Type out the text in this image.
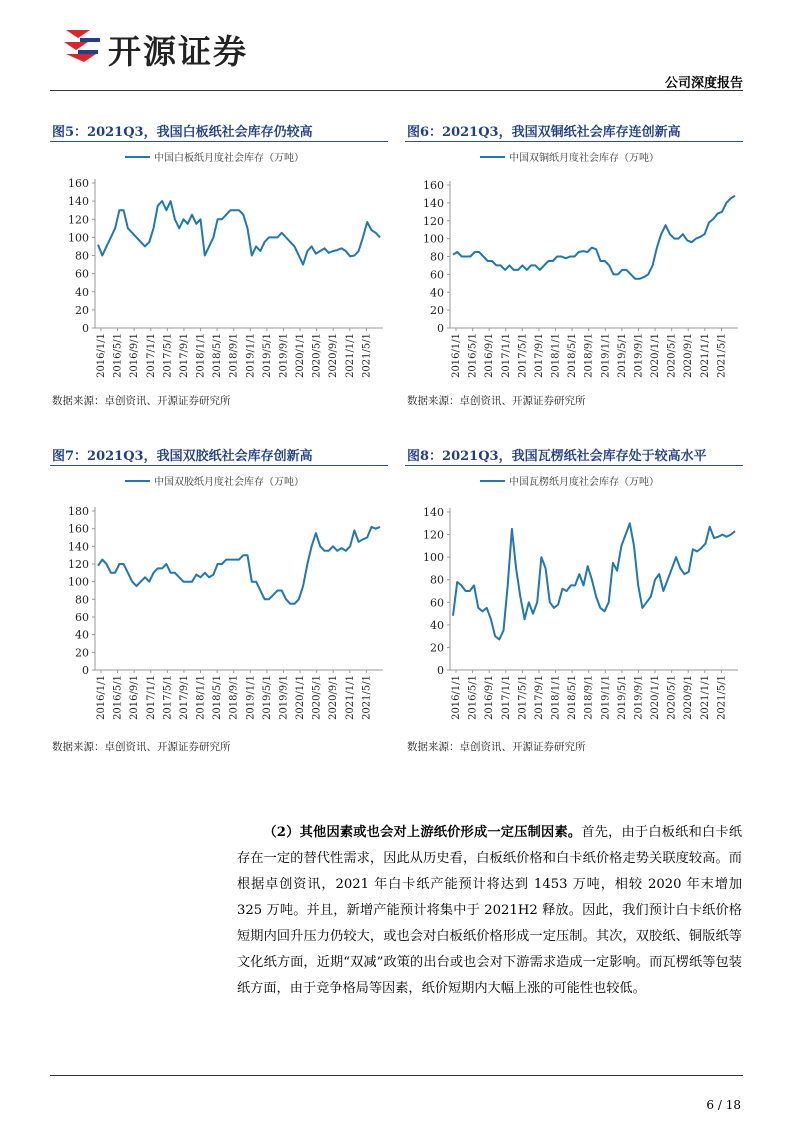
开源证券
公司深度报告
图5：2021Q3，我国白板纸社会库存仍较高
中国白板纸月度社会库存（万吨）
0
20
40
60
80
100
120
140
160
2016/1/1 2016/5/1 2016/9/1 2017/1/1 2017/5/1 2017/9/1 2018/1/1 2018/5/1 2018/9/1 2019/1/1 2019/5/1 2019/9/1 2020/1/1 2020/5/1 2020/9/1 2021/1/1 2021/5/1
数据来源：卓创资讯、开源证券研究所
图6：2021Q3，我国双铜纸社会库存连创新高
中国双铜纸月度社会库存（万吨）
0
20
40
60
80
100
120
140
160
2016/1/1 2016/5/1 2016/9/1 2017/1/1 2017/5/1 2017/9/1 2018/1/1 2018/5/1 2018/9/1 2019/1/1 2019/5/1 2019/9/1 2020/1/1 2020/5/1 2020/9/1 2021/1/1 2021/5/1
数据来源：卓创资讯、开源证券研究所
图7：2021Q3，我国双胶纸社会库存创新高
中国双胶纸月度社会库存（万吨）
0
20
40
60
80
100
120
140
160
180
2016/1/1 2016/5/1 2016/9/1 2017/1/1 2017/5/1 2017/9/1 2018/1/1 2018/5/1 2018/9/1 2019/1/1 2019/5/1 2019/9/1 2020/1/1 2020/5/1 2020/9/1 2021/1/1 2021/5/1
数据来源：卓创资讯、开源证券研究所
图8：2021Q3，我国瓦楞纸社会库存处于较高水平
中国瓦楞纸月度社会库存（万吨）
0
20
40
60
80
100
120
140
2016/1/1 2016/5/1 2016/9/1 2017/1/1 2017/5/1 2017/9/1 2018/1/1 2018/5/1 2018/9/1 2019/1/1 2019/5/1 2019/9/1 2020/1/1 2020/5/1 2020/9/1 2021/1/1 2021/5/1
数据来源：卓创资讯、开源证券研究所
（2）其他因素或也会对上游纸价形成一定压制因素。首先，由于白板纸和白卡纸存在一定的替代性需求，因此从历史看，白板纸价格和白卡纸价格走势关联度较高。而根据卓创资讯，2021 年白卡纸产能预计将达到 1453 万吨，相较 2020 年末增加 325 万吨。并且，新增产能预计将集中于 2021H2 释放。因此，我们预计白卡纸价格短期内回升压力仍较大，或也会对白板纸价格形成一定压制。其次，双胶纸、铜版纸等文化纸方面，近期“双减”政策的出台或也会对下游需求造成一定影响。而瓦楞纸等包装纸方面，由于竞争格局等因素，纸价短期内大幅上涨的可能性也较低。
6 / 18
